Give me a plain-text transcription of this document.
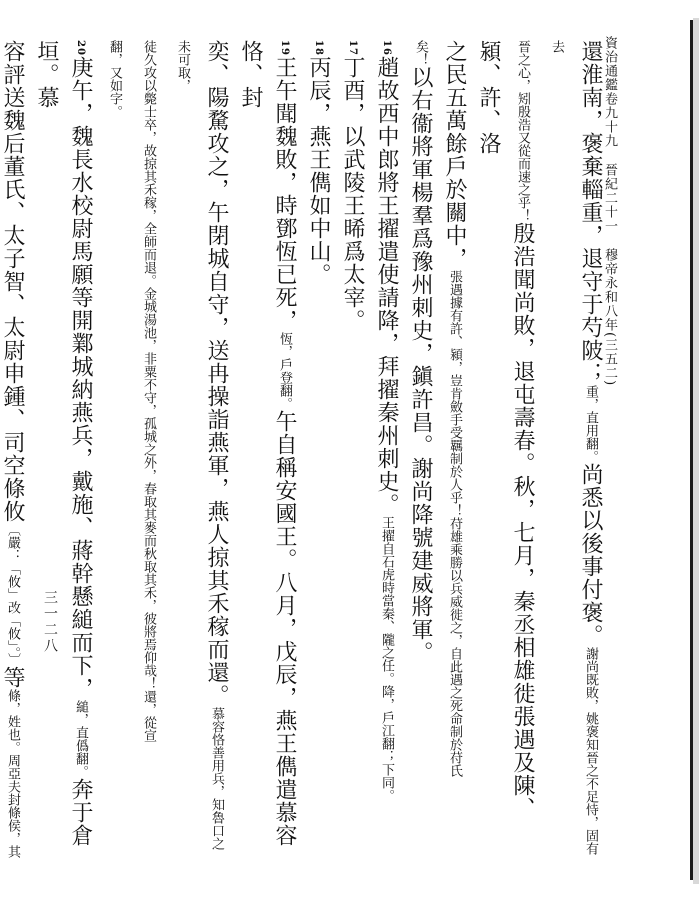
資治通鑑卷九十九 晉紀二十一 穆帝永和八年(三五二)
三一二八
還淮南，褒棄輜重，退守于芍陂；重，直用翻。尚悉以後事付褒。謝尚既敗，姚褒知晉之不足恃，固有去
晉之心，矧殷浩又從而速之乎！殷浩聞尚敗，退屯壽春。秋，七月，秦丞相雄徙張遇及陳、潁、許、洛
之民五萬餘戶於關中，張遇據有許、潁，豈肯斂手受羈制於人乎！苻雄乘勝以兵威徙之，自此遇之死命制於苻氏
矣！以右衞將軍楊羣爲豫州刺史，鎭許昌。謝尚降號建威將軍。
16趙故西中郎將王擢遣使請降，拜擢秦州刺史。王擢自石虎時當秦、隴之任。降，戶江翻；下同。
17丁酉，以武陵王晞爲太宰。
18丙辰，燕王儁如中山。
19王午聞魏敗，時鄧恆已死，恆，戶登翻。午自稱安國王。八月，戊辰，燕王儁遣慕容恪、封
奕、陽騖攻之，午閉城自守，送冉操詣燕軍，燕人掠其禾稼而還。慕容恪善用兵，知魯口之未可取，
徒久攻以斃士卒，故掠其禾稼，全師而退。金城湯池，非粟不守，孤城之外，春取其麥而秋取其禾，彼將焉仰哉！還，從宣
翻，又如字。
20庚午，魏長水校尉馬願等開鄴城納燕兵，戴施、蔣幹懸縋而下，縋，直僞翻。奔于倉垣。慕
容評送魏后董氏、太子智、太尉申鍾、司空條攸〔嚴：「攸」改「攸」。〕等條，姓也。周亞夫封條侯，其
